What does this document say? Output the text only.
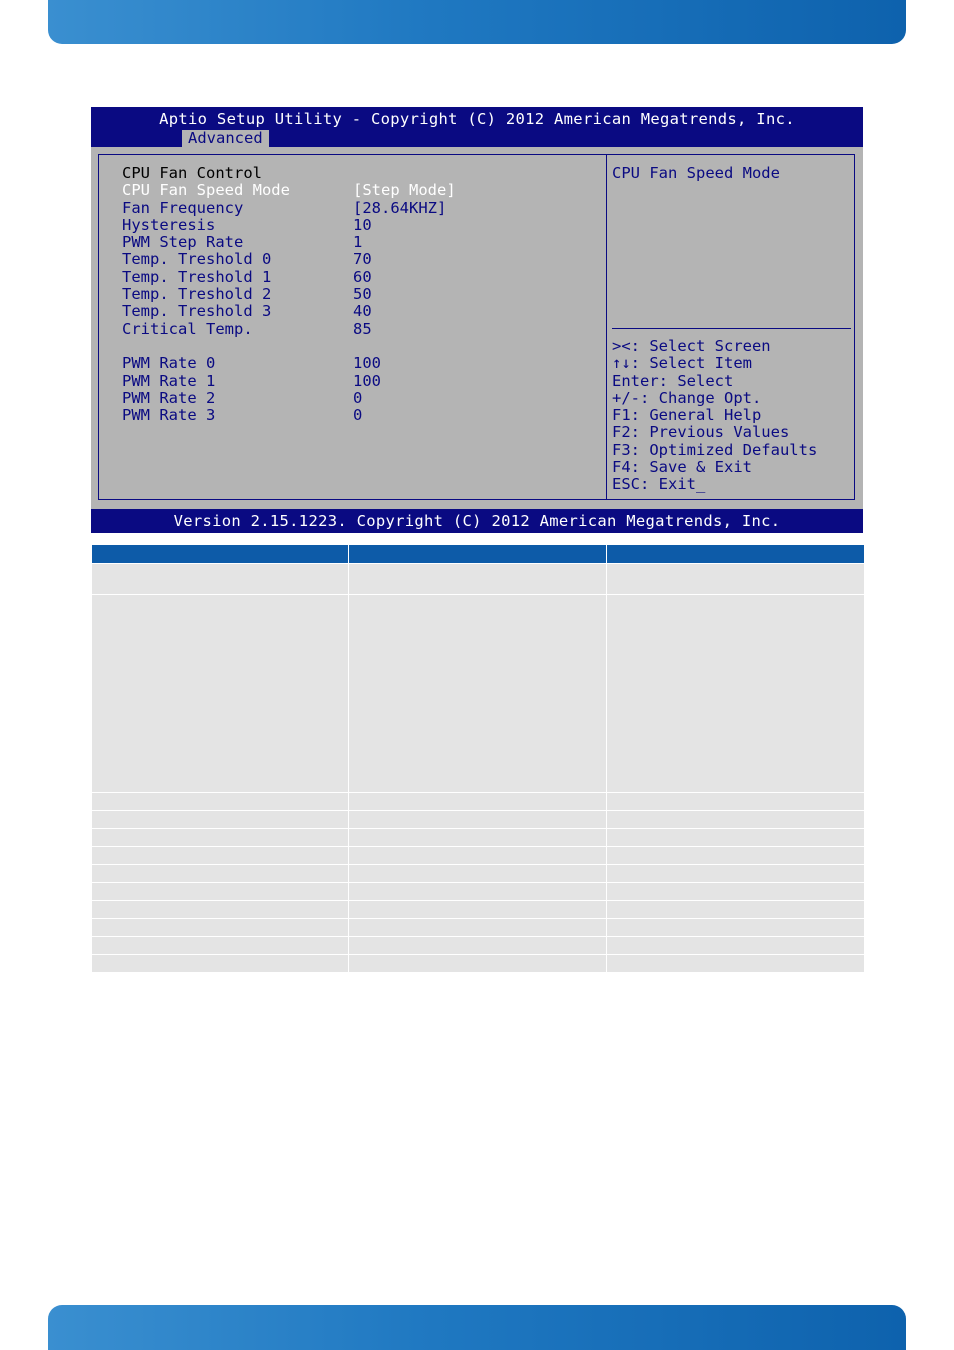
Aptio Setup Utility - Copyright (C) 2012 American Megatrends, Inc.
Advanced
CPU Fan Control
CPU Fan Speed Mode	[Step Mode]
Fan Frequency	[28.64KHZ]
Hysteresis	10
PWM Step Rate	1
Temp. Treshold 0	70
Temp. Treshold 1	60
Temp. Treshold 2	50
Temp. Treshold 3	40
Critical Temp.	85
PWM Rate 0	100
PWM Rate 1	100
PWM Rate 2	0
PWM Rate 3	0
CPU Fan Speed Mode
><: Select Screen
↑↓: Select Item
Enter: Select
+/-: Change Opt.
F1: General Help
F2: Previous Values
F3: Optimized Defaults
F4: Save & Exit
ESC: Exit_
Version 2.15.1223. Copyright (C) 2012 American Megatrends, Inc.
